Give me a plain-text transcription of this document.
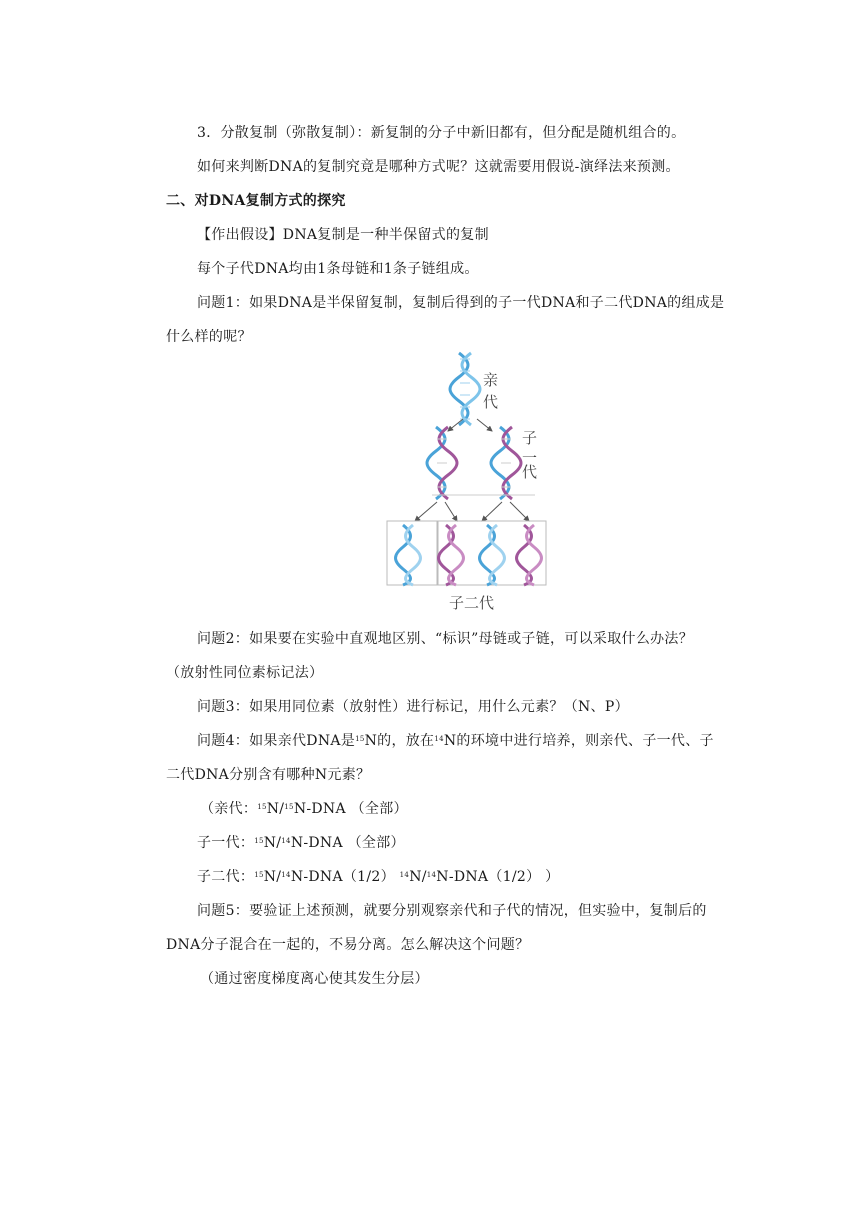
3．分散复制（弥散复制）：新复制的分子中新旧都有，但分配是随机组合的。
如何来判断DNA的复制究竟是哪种方式呢？这就需要用假说-演绎法来预测。
二、对DNA复制方式的探究
【作出假设】DNA复制是一种半保留式的复制
每个子代DNA均由1条母链和1条子链组成。
问题1：如果DNA是半保留复制，复制后得到的子一代DNA和子二代DNA的组成是
什么样的呢？
亲
代
子
一
代
子二代
问题2：如果要在实验中直观地区别、“标识”母链或子链，可以采取什么办法？
（放射性同位素标记法）
问题3：如果用同位素（放射性）进行标记，用什么元素？（N、P）
问题4：如果亲代DNA是$^{15}$N的，放在$^{14}$N的环境中进行培养，则亲代、子一代、子
二代DNA分别含有哪种N元素？
（亲代：$^{15}$N/$^{15}$N-DNA （全部）
子一代：$^{15}$N/$^{14}$N-DNA （全部）
子二代：$^{15}$N/$^{14}$N-DNA（1/2） $^{14}$N/$^{14}$N-DNA（1/2） ）
问题5：要验证上述预测，就要分别观察亲代和子代的情况，但实验中，复制后的
DNA分子混合在一起的，不易分离。怎么解决这个问题？
（通过密度梯度离心使其发生分层）
